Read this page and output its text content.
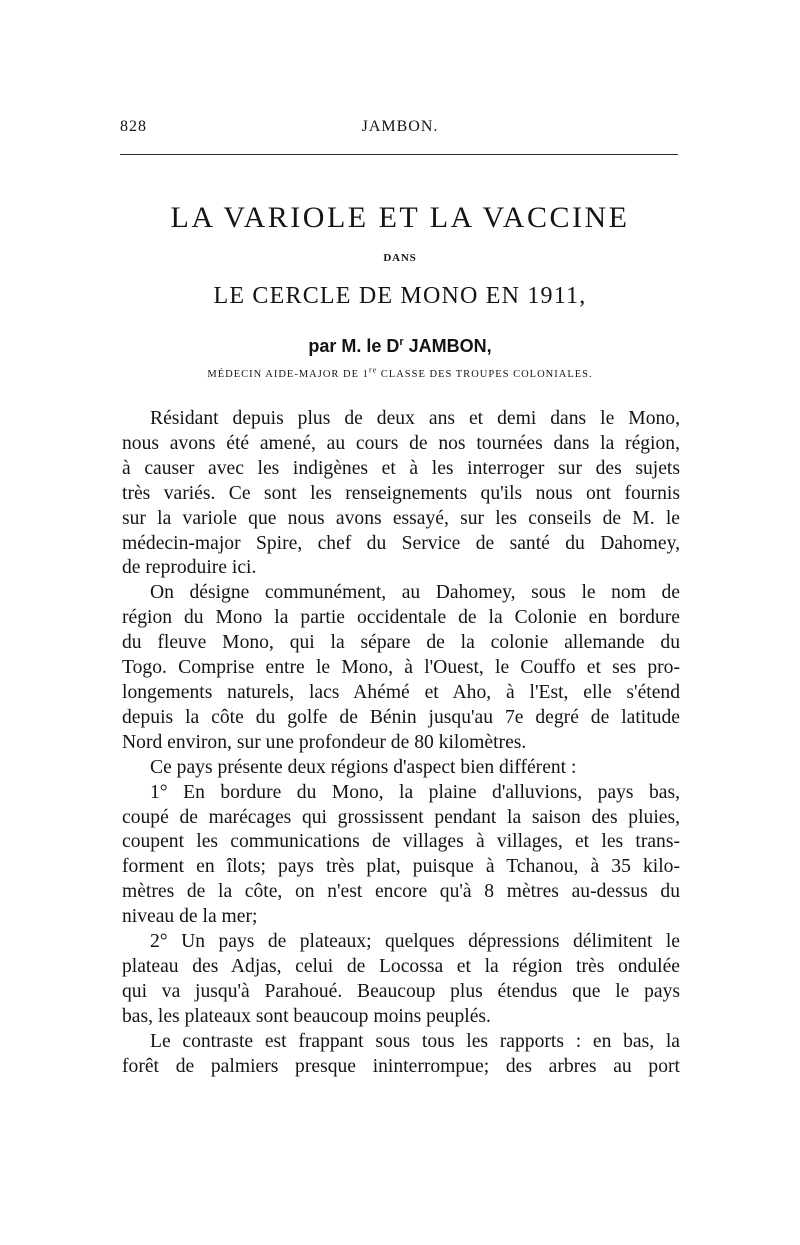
828	JAMBON.
LA VARIOLE ET LA VACCINE
DANS
LE CERCLE DE MONO EN 1911,
par M. le $D^r$ JAMBON,
MÉDECIN AIDE-MAJOR DE 1re CLASSE DES TROUPES COLONIALES.
Résidant depuis plus de deux ans et demi dans le Mono,
nous avons été amené, au cours de nos tournées dans la région,
à causer avec les indigènes et à les interroger sur des sujets
très variés. Ce sont les renseignements qu'ils nous ont fournis
sur la variole que nous avons essayé, sur les conseils de M. le
médecin-major Spire, chef du Service de santé du Dahomey,
de reproduire ici.
On désigne communément, au Dahomey, sous le nom de
région du Mono la partie occidentale de la Colonie en bordure
du fleuve Mono, qui la sépare de la colonie allemande du
Togo. Comprise entre le Mono, à l'Ouest, le Couffo et ses pro-
longements naturels, lacs Ahémé et Aho, à l'Est, elle s'étend
depuis la côte du golfe de Bénin jusqu'au 7e degré de latitude
Nord environ, sur une profondeur de 80 kilomètres.
Ce pays présente deux régions d'aspect bien différent :
1° En bordure du Mono, la plaine d'alluvions, pays bas,
coupé de marécages qui grossissent pendant la saison des pluies,
coupent les communications de villages à villages, et les trans-
forment en îlots; pays très plat, puisque à Tchanou, à 35 kilo-
mètres de la côte, on n'est encore qu'à 8 mètres au-dessus du
niveau de la mer;
2° Un pays de plateaux; quelques dépressions délimitent le
plateau des Adjas, celui de Locossa et la région très ondulée
qui va jusqu'à Parahoué. Beaucoup plus étendus que le pays
bas, les plateaux sont beaucoup moins peuplés.
Le contraste est frappant sous tous les rapports : en bas, la
forêt de palmiers presque ininterrompue; des arbres au port
